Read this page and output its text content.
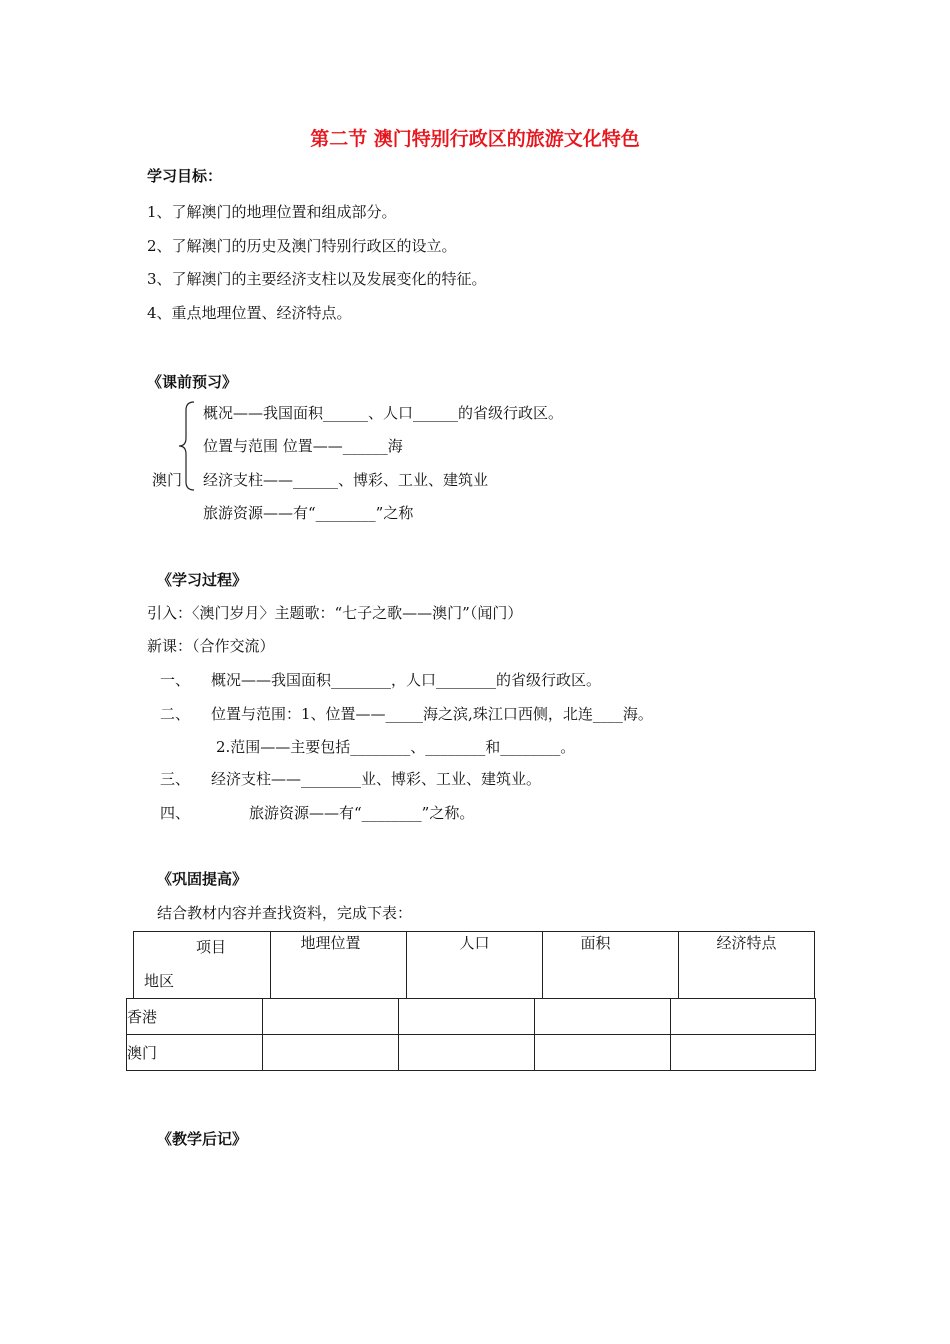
第二节 澳门特别行政区的旅游文化特色
学习目标：
1、了解澳门的地理位置和组成部分。
2、了解澳门的历史及澳门特别行政区的设立。
3、了解澳门的主要经济支柱以及发展变化的特征。
4、重点地理位置、经济特点。
《课前预习》
澳门
概况——我国面积______、人口______的省级行政区。
位置与范围 位置——______海
经济支柱——______、博彩、工业、建筑业
旅游资源——有“________”之称
《学习过程》
引入：〈澳门岁月〉主题歌：“七子之歌——澳门”（闻门）
新课：（合作交流）
一、 概况——我国面积________，人口________的省级行政区。
二、 位置与范围：1、位置——_____海之滨,珠江口西侧，北连____海。
2.范围——主要包括________、________和________。
三、 经济支柱——________业、博彩、工业、建筑业。
四、	旅游资源——有“________”之称。
《巩固提高》
结合教材内容并查找资料，完成下表：
项目
地区
	地理位置	人口	面积	经济特点
香港				
澳门				
《教学后记》
